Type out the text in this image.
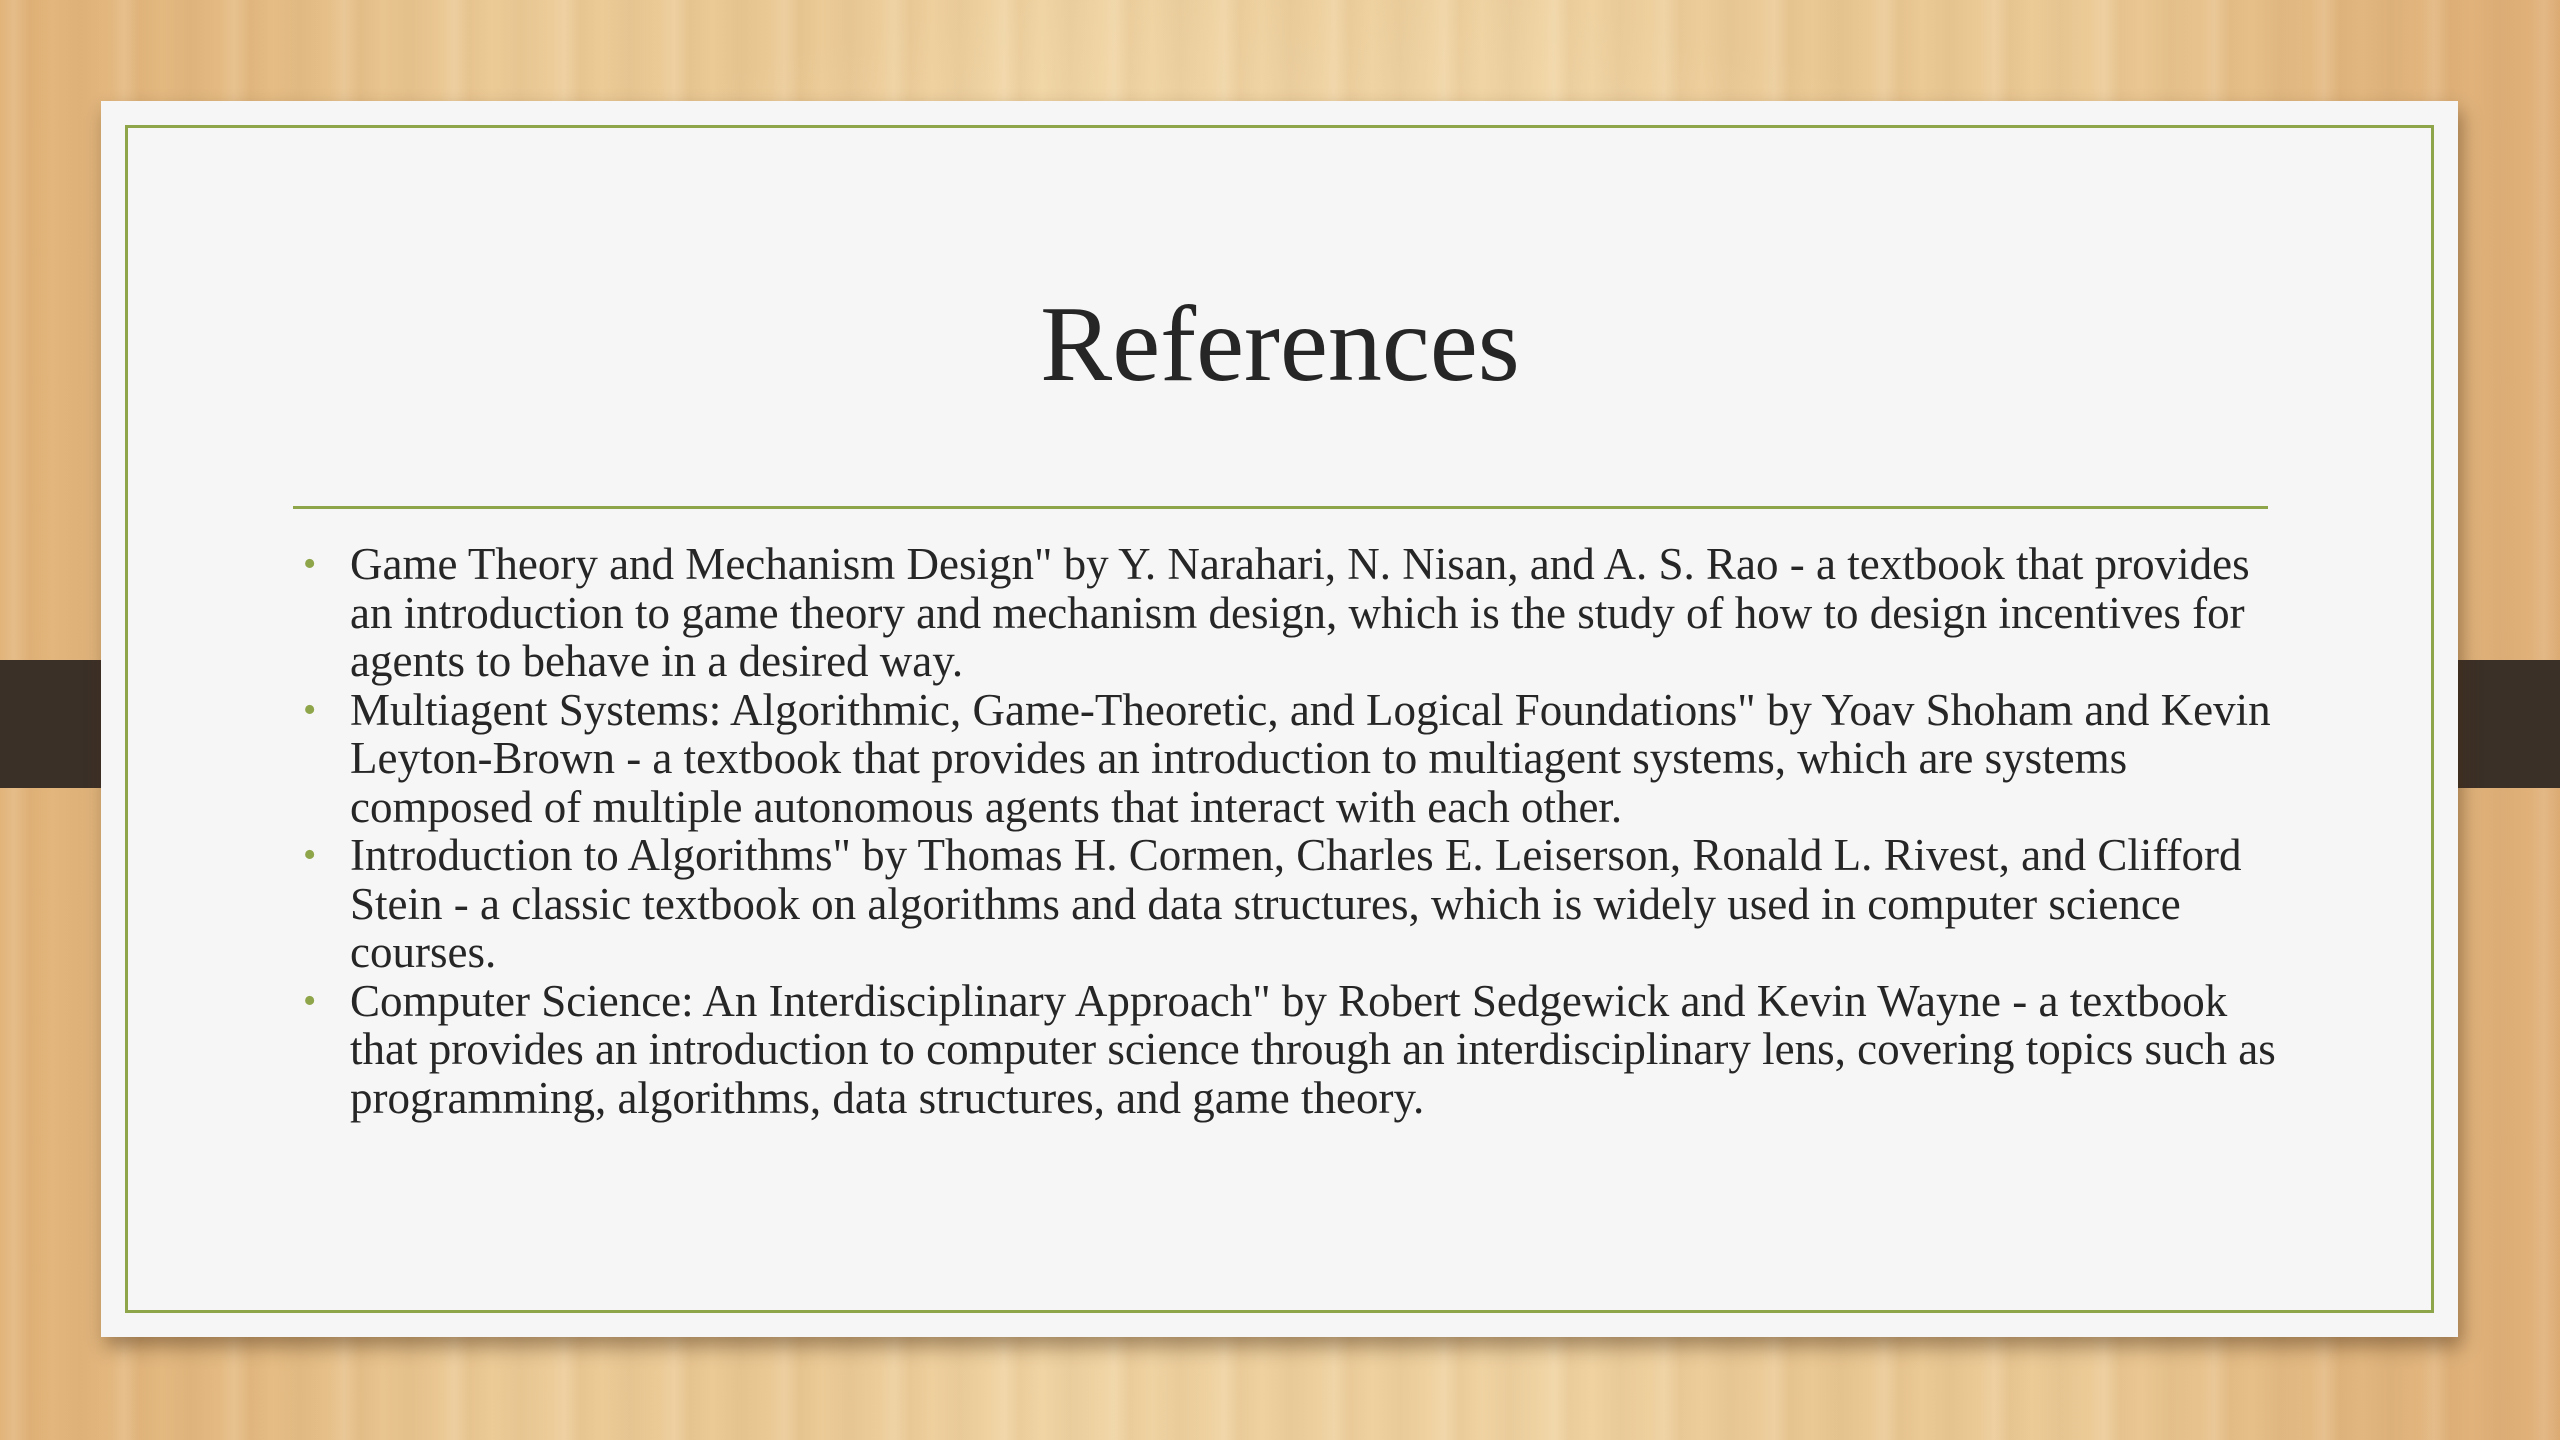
References
• Game Theory and Mechanism Design" by Y. Narahari, N. Nisan, and A. S. Rao - a textbook that provides an introduction to game theory and mechanism design, which is the study of how to design incentives for agents to behave in a desired way.
• Multiagent Systems: Algorithmic, Game-Theoretic, and Logical Foundations" by Yoav Shoham and Kevin Leyton-Brown - a textbook that provides an introduction to multiagent systems, which are systems composed of multiple autonomous agents that interact with each other.
• Introduction to Algorithms" by Thomas H. Cormen, Charles E. Leiserson, Ronald L. Rivest, and Clifford Stein - a classic textbook on algorithms and data structures, which is widely used in computer science courses.
• Computer Science: An Interdisciplinary Approach" by Robert Sedgewick and Kevin Wayne - a textbook that provides an introduction to computer science through an interdisciplinary lens, covering topics such as programming, algorithms, data structures, and game theory.
